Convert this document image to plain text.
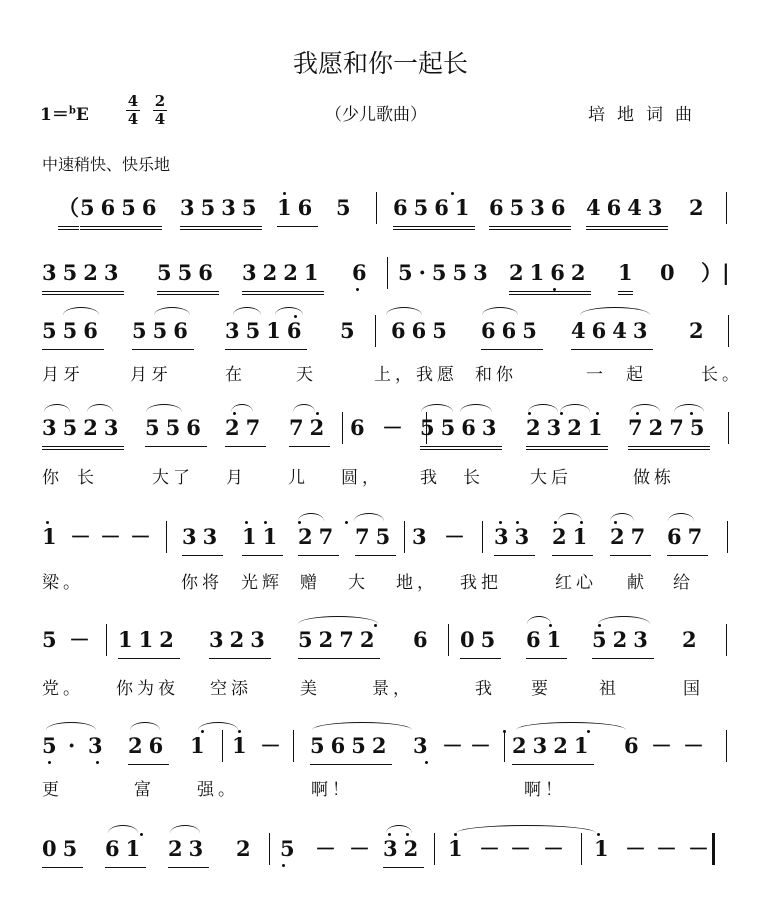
我愿和你一起长
$1=^bE \frac{4}{4} \frac{2}{4}$	（少儿歌曲）	培地词曲
中速稍快、快乐地
（ 5656 3535 16 5 6561 6536 4643 2
3523 556 3221 6 5·553 2162 1 0 ）|
556 556 3516 5 665 665 4643 2
3523 556 27 72 6 － 5563 2321 7275
1 － － － 33 11 27 75 3 － 33 21 27 67
5 － 112 323 5272 6 05 61 523 2
5 · 3 26 1 1 － 5652 3 － － 2321 6 － －
05 61 23 2 5 － － 32 1 － － － 1 － － －
月牙	月牙	在	天	上，我愿 和你	一 起	长。
你 长	大了 月	儿 圆， 我 长	大后	做栋
梁。	你将 光辉 赠 大 地， 我把	红心 献 给
党。 你为夜 空添	美	景，	我 要	祖	国
更	富	强。	啊！	啊！
